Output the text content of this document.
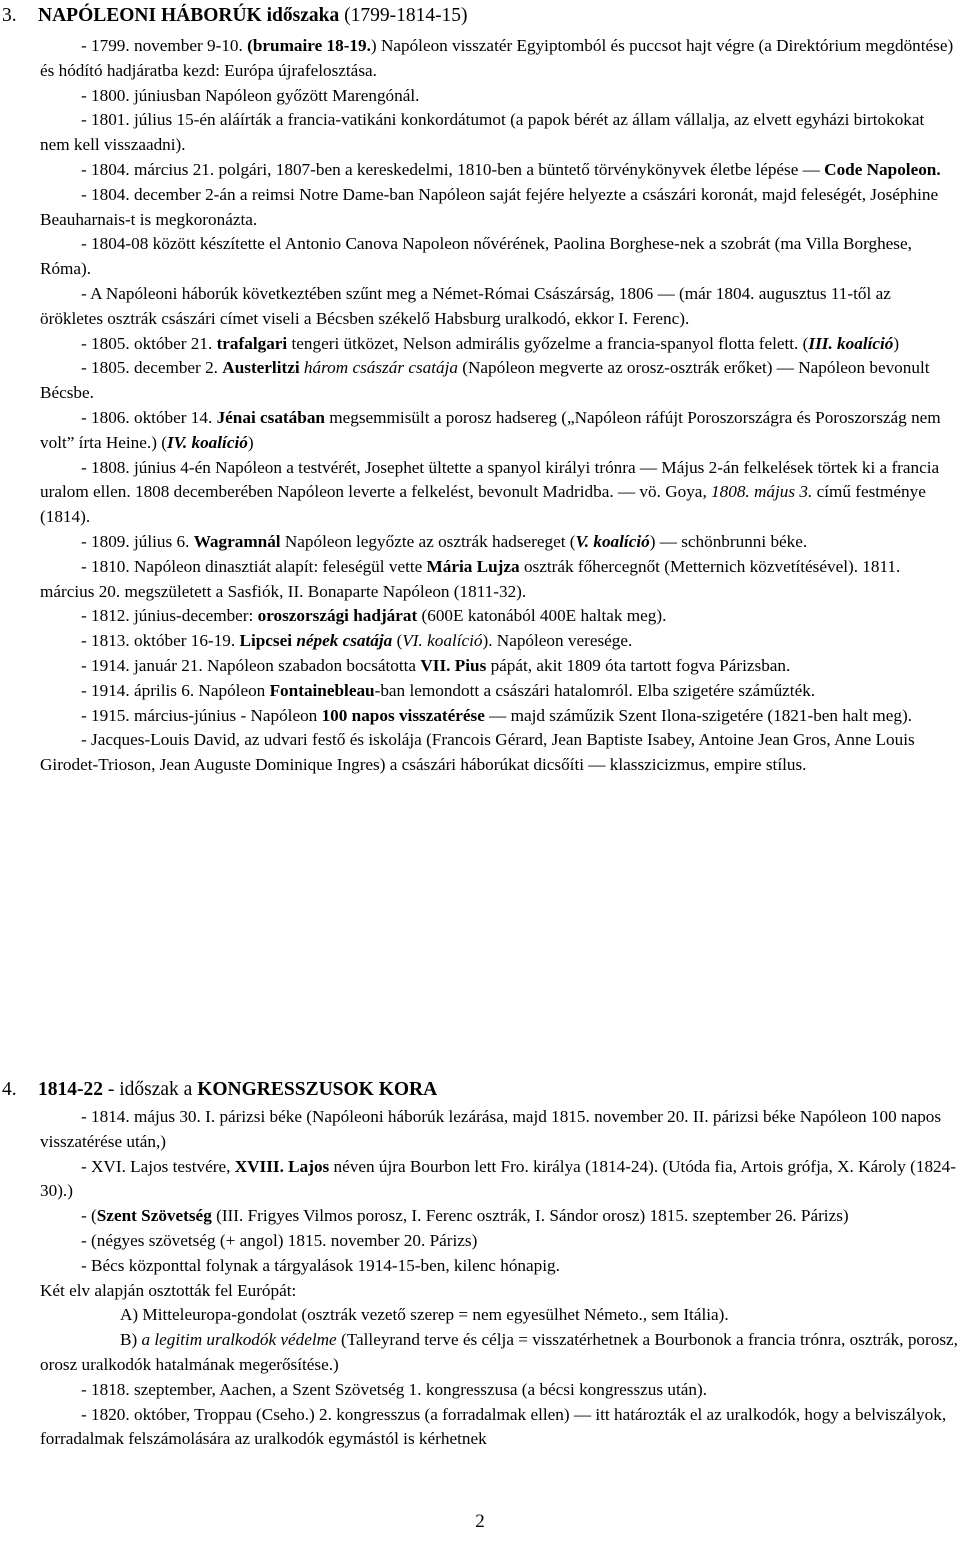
3. NAPÓLEONI HÁBORÚK időszaka (1799-1814-15)

- 1799. november 9-10. (brumaire 18-19.) Napóleon visszatér Egyiptomból és puccsot hajt végre (a Direktórium megdöntése) és hódító hadjáratba kezd: Európa újrafelosztása.

- 1800. júniusban Napóleon győzött Marengónál.

- 1801. július 15-én aláírták a francia-vatikáni konkordátumot (a papok bérét az állam vállalja, az elvett egyházi birtokokat nem kell visszaadni).

- 1804. március 21. polgári, 1807-ben a kereskedelmi, 1810-ben a büntető törvénykönyvek életbe lépése ― Code Napoleon.

- 1804. december 2-án a reimsi Notre Dame-ban Napóleon saját fejére helyezte a császári koronát, majd feleségét, Joséphine Beauharnais-t is megkoronázta.

- 1804-08 között készítette el Antonio Canova Napoleon nővérének, Paolina Borghese-nek a szobrát (ma Villa Borghese, Róma).

- A Napóleoni háborúk következtében szűnt meg a Német-Római Császárság, 1806 ― (már 1804. augusztus 11-től az örökletes osztrák császári címet viseli a Bécsben székelő Habsburg uralkodó, ekkor I. Ferenc).

- 1805. október 21. trafalgari tengeri ütközet, Nelson admirális győzelme a francia-spanyol flotta felett. (III. koalíció)

- 1805. december 2. Austerlitzi három császár csatája (Napóleon megverte az orosz-osztrák erőket) ― Napóleon bevonult Bécsbe.

- 1806. október 14. Jénai csatában megsemmisült a porosz hadsereg („Napóleon ráfújt Poroszországra és Poroszország nem volt” írta Heine.) (IV. koalíció)

- 1808. június 4-én Napóleon a testvérét, Josephet ültette a spanyol királyi trónra ― Május 2-án felkelések törtek ki a francia uralom ellen. 1808 decemberében Napóleon leverte a felkelést, bevonult Madridba. ― vö. Goya, 1808. május 3. című festménye (1814).

- 1809. július 6. Wagramnál Napóleon legyőzte az osztrák hadsereget (V. koalíció) ― schönbrunni béke.

- 1810. Napóleon dinasztiát alapít: feleségül vette Mária Lujza osztrák főhercegnőt (Metternich közvetítésével). 1811. március 20. megszületett a Sasfiók, II. Bonaparte Napóleon (1811-32).

- 1812. június-december: oroszországi hadjárat (600E katonából 400E haltak meg).

- 1813. október 16-19. Lipcsei népek csatája (VI. koalíció). Napóleon veresége.

- 1914. január 21. Napóleon szabadon bocsátotta VII. Pius pápát, akit 1809 óta tartott fogva Párizsban.

- 1914. április 6. Napóleon Fontainebleau-ban lemondott a császári hatalomról. Elba szigetére száműzték.

- 1915. március-június - Napóleon 100 napos visszatérése ― majd száműzik Szent Ilona-szigetére (1821-ben halt meg).

- Jacques-Louis David, az udvari festő és iskolája (Francois Gérard, Jean Baptiste Isabey, Antoine Jean Gros, Anne Louis Girodet-Trioson, Jean Auguste Dominique Ingres) a császári háborúkat dicsőíti ― klasszicizmus, empire stílus.

4. 1814-22 - időszak a KONGRESSZUSOK KORA

- 1814. május 30. I. párizsi béke (Napóleoni háborúk lezárása, majd 1815. november 20. II. párizsi béke Napóleon 100 napos visszatérése után,)

- XVI. Lajos testvére, XVIII. Lajos néven újra Bourbon lett Fro. királya (1814-24). (Utóda fia, Artois grófja, X. Károly (1824-30).)

- (Szent Szövetség (III. Frigyes Vilmos porosz, I. Ferenc osztrák, I. Sándor orosz) 1815. szeptember 26. Párizs)

- (négyes szövetség (+ angol) 1815. november 20. Párizs)

- Bécs központtal folynak a tárgyalások 1914-15-ben, kilenc hónapig.

Két elv alapján osztották fel Európát:

A) Mitteleuropa-gondolat (osztrák vezető szerep = nem egyesülhet Németo., sem Itália).

B) a legitim uralkodók védelme (Talleyrand terve és célja = visszatérhetnek a Bourbonok a francia trónra, osztrák, porosz, orosz uralkodók hatalmának megerősítése.)

- 1818. szeptember, Aachen, a Szent Szövetség 1. kongresszusa (a bécsi kongresszus után).

- 1820. október, Troppau (Cseho.) 2. kongresszus (a forradalmak ellen) ― itt határozták el az uralkodók, hogy a belviszályok, forradalmak felszámolására az uralkodók egymástól is kérhetnek

2
